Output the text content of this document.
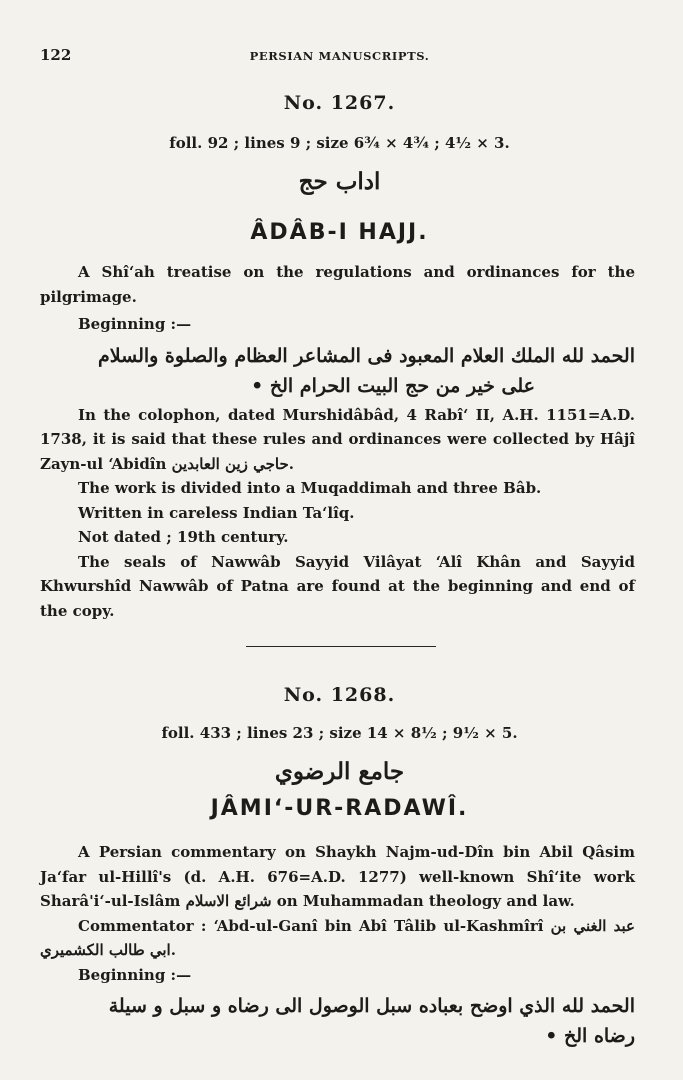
122	PERSIAN MANUSCRIPTS.
No. 1267.
foll. 92 ; lines 9 ; size 6¾ × 4¾ ; 4½ × 3.
اداب حج
ÂDÂB-I HAJJ.

A Shî‘ah treatise on the regulations and ordinances for the pilgrimage.

Beginning :—

الحمد لله الملك العلام المعبود فى المشاعر العظام والصلوة والسلام

على خير من حج البيت الحرام الخ •

In the colophon, dated Murshidâbâd, 4 Rabî‘ II, A.H. 1151=A.D. 1738, it is said that these rules and ordinances were collected by Hâjî Zayn-ul ‘Abidîn حاجي زين العابدين.

The work is divided into a Muqaddimah and three Bâb.

Written in careless Indian Ta‘lîq.

Not dated ; 19th century.

The seals of Nawwâb Sayyid Vilâyat ‘Alî Khân and Sayyid Khwurshîd Nawwâb of Patna are found at the beginning and end of the copy.

No. 1268.
foll. 433 ; lines 23 ; size 14 × 8½ ; 9½ × 5.
جامع الرضوي
JÂMI‘-UR-RADAWÎ.

A Persian commentary on Shaykh Najm-ud-Dîn bin Abil Qâsim Ja‘far ul-Hillî's (d. A.H. 676=A.D. 1277) well-known Shî‘ite work Sharâ'i‘-ul-Islâm شرائع الاسلام on Muhammadan theology and law.

Commentator : ‘Abd-ul-Ganî bin Abî Tâlib ul-Kashmîrî عبد الغني بن ابي طالب الكشميري.

Beginning :—

الحمد لله الذي اوضح بعباده سبل الوصول الى رضاه و سبل و سيلة

رضاه الخ •
